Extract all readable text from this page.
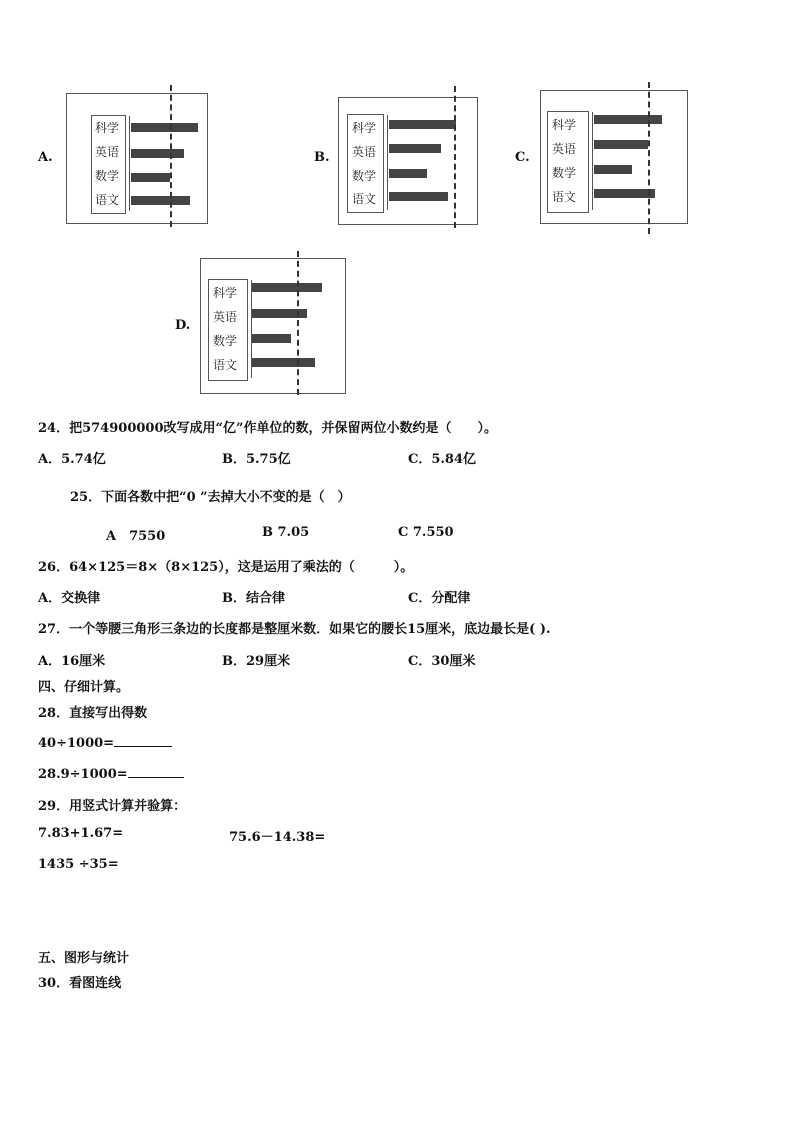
A.
科学
英语
数学
语文
B.
科学
英语
数学
语文
C.
科学
英语
数学
语文
D.
科学
英语
数学
语文
24．把574900000改写成用“亿”作单位的数，并保留两位小数约是（　　）。
A．5.74亿	B．5.75亿	C．5.84亿
25．下面各数中把“0 ”去掉大小不变的是（　）
A　7550	B 7.05	C 7.550
26．64×125＝8×（8×125），这是运用了乘法的（　　　）。
A．交换律	B．结合律	C．分配律
27．一个等腰三角形三条边的长度都是整厘米数．如果它的腰长15厘米，底边最长是( ).
A．16厘米	B．29厘米	C．30厘米
四、仔细计算。
28．直接写出得数
40÷1000=
28.9÷1000=
29．用竖式计算并验算：
7.83+1.67=	75.6－14.38=
1435 ÷35=
五、图形与统计
30．看图连线
